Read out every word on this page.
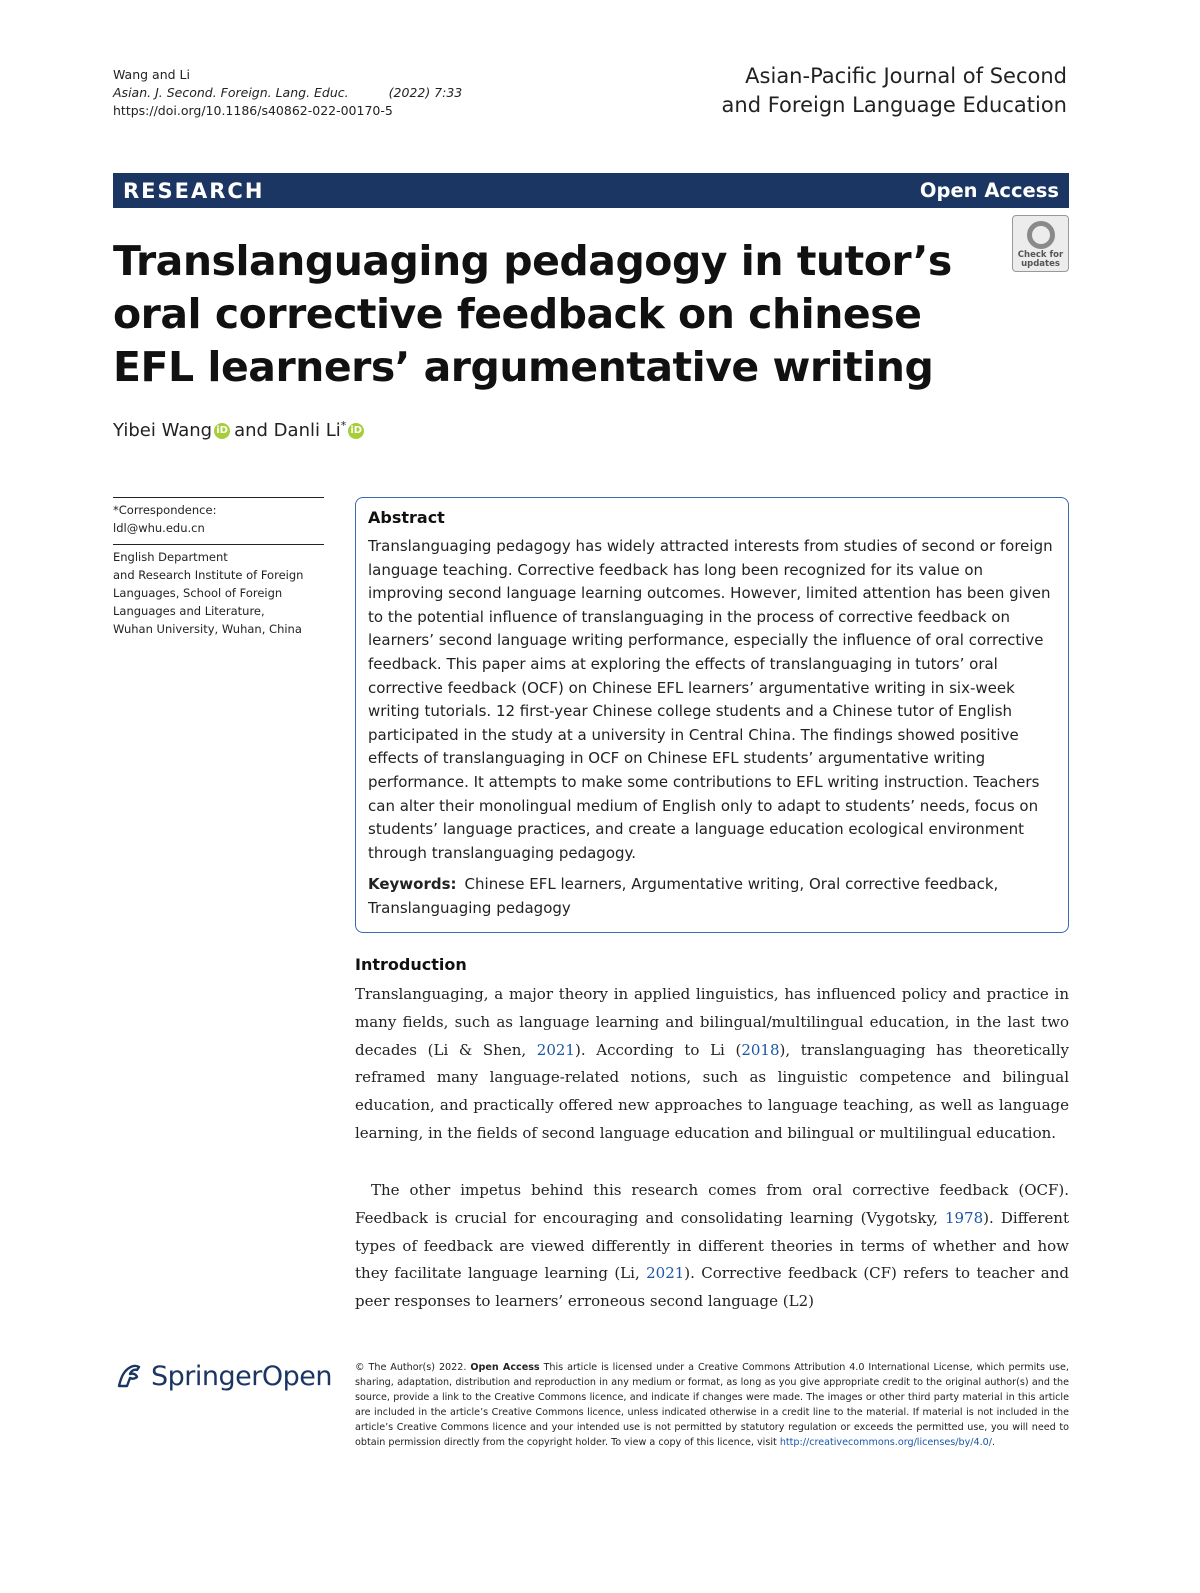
Wang and Li
Asian. J. Second. Foreign. Lang. Educ.	(2022) 7:33
https://doi.org/10.1186/s40862-022-00170-5
Asian-Pacific Journal of Second
and Foreign Language Education
RESEARCH	Open Access
Check for
updates
Translanguaging pedagogy in tutor’s oral corrective feedback on chinese EFL learners’ argumentative writing
Yibei Wang iD and Danli Li * iD
*Correspondence:
ldl@whu.edu.cn
English Department
and Research Institute of Foreign
Languages, School of Foreign
Languages and Literature,
Wuhan University, Wuhan, China
Abstract
Translanguaging pedagogy has widely attracted interests from studies of second or foreign language teaching. Corrective feedback has long been recognized for its value on improving second language learning outcomes. However, limited attention has been given to the potential influence of translanguaging in the process of corrective feedback on learners’ second language writing performance, especially the influence of oral corrective feedback. This paper aims at exploring the effects of translanguaging in tutors’ oral corrective feedback (OCF) on Chinese EFL learners’ argumentative writing in six-week writing tutorials. 12 first-year Chinese college students and a Chinese tutor of English participated in the study at a university in Central China. The findings showed positive effects of translanguaging in OCF on Chinese EFL students’ argumentative writing performance. It attempts to make some contributions to EFL writing instruction. Teachers can alter their monolingual medium of English only to adapt to students’ needs, focus on students’ language practices, and create a language education ecological environment through translanguaging pedagogy.
Keywords: Chinese EFL learners, Argumentative writing, Oral corrective feedback, Translanguaging pedagogy
Introduction
Translanguaging, a major theory in applied linguistics, has influenced policy and practice in many fields, such as language learning and bilingual/multilingual education, in the last two decades (Li & Shen, 2021). According to Li (2018), translanguaging has theoretically reframed many language-related notions, such as linguistic competence and bilingual education, and practically offered new approaches to language teaching, as well as language learning, in the fields of second language education and bilingual or multilingual education.
The other impetus behind this research comes from oral corrective feedback (OCF). Feedback is crucial for encouraging and consolidating learning (Vygotsky, 1978). Different types of feedback are viewed differently in different theories in terms of whether and how they facilitate language learning (Li, 2021). Corrective feedback (CF) refers to teacher and peer responses to learners’ erroneous second language (L2)
SpringerOpen © The Author(s) 2022. Open Access This article is licensed under a Creative Commons Attribution 4.0 International License, which permits use, sharing, adaptation, distribution and reproduction in any medium or format, as long as you give appropriate credit to the original author(s) and the source, provide a link to the Creative Commons licence, and indicate if changes were made. The images or other third party material in this article are included in the article’s Creative Commons licence, unless indicated otherwise in a credit line to the material. If material is not included in the article’s Creative Commons licence and your intended use is not permitted by statutory regulation or exceeds the permitted use, you will need to obtain permission directly from the copyright holder. To view a copy of this licence, visit http://creativecommons.org/licenses/by/4.0/.
